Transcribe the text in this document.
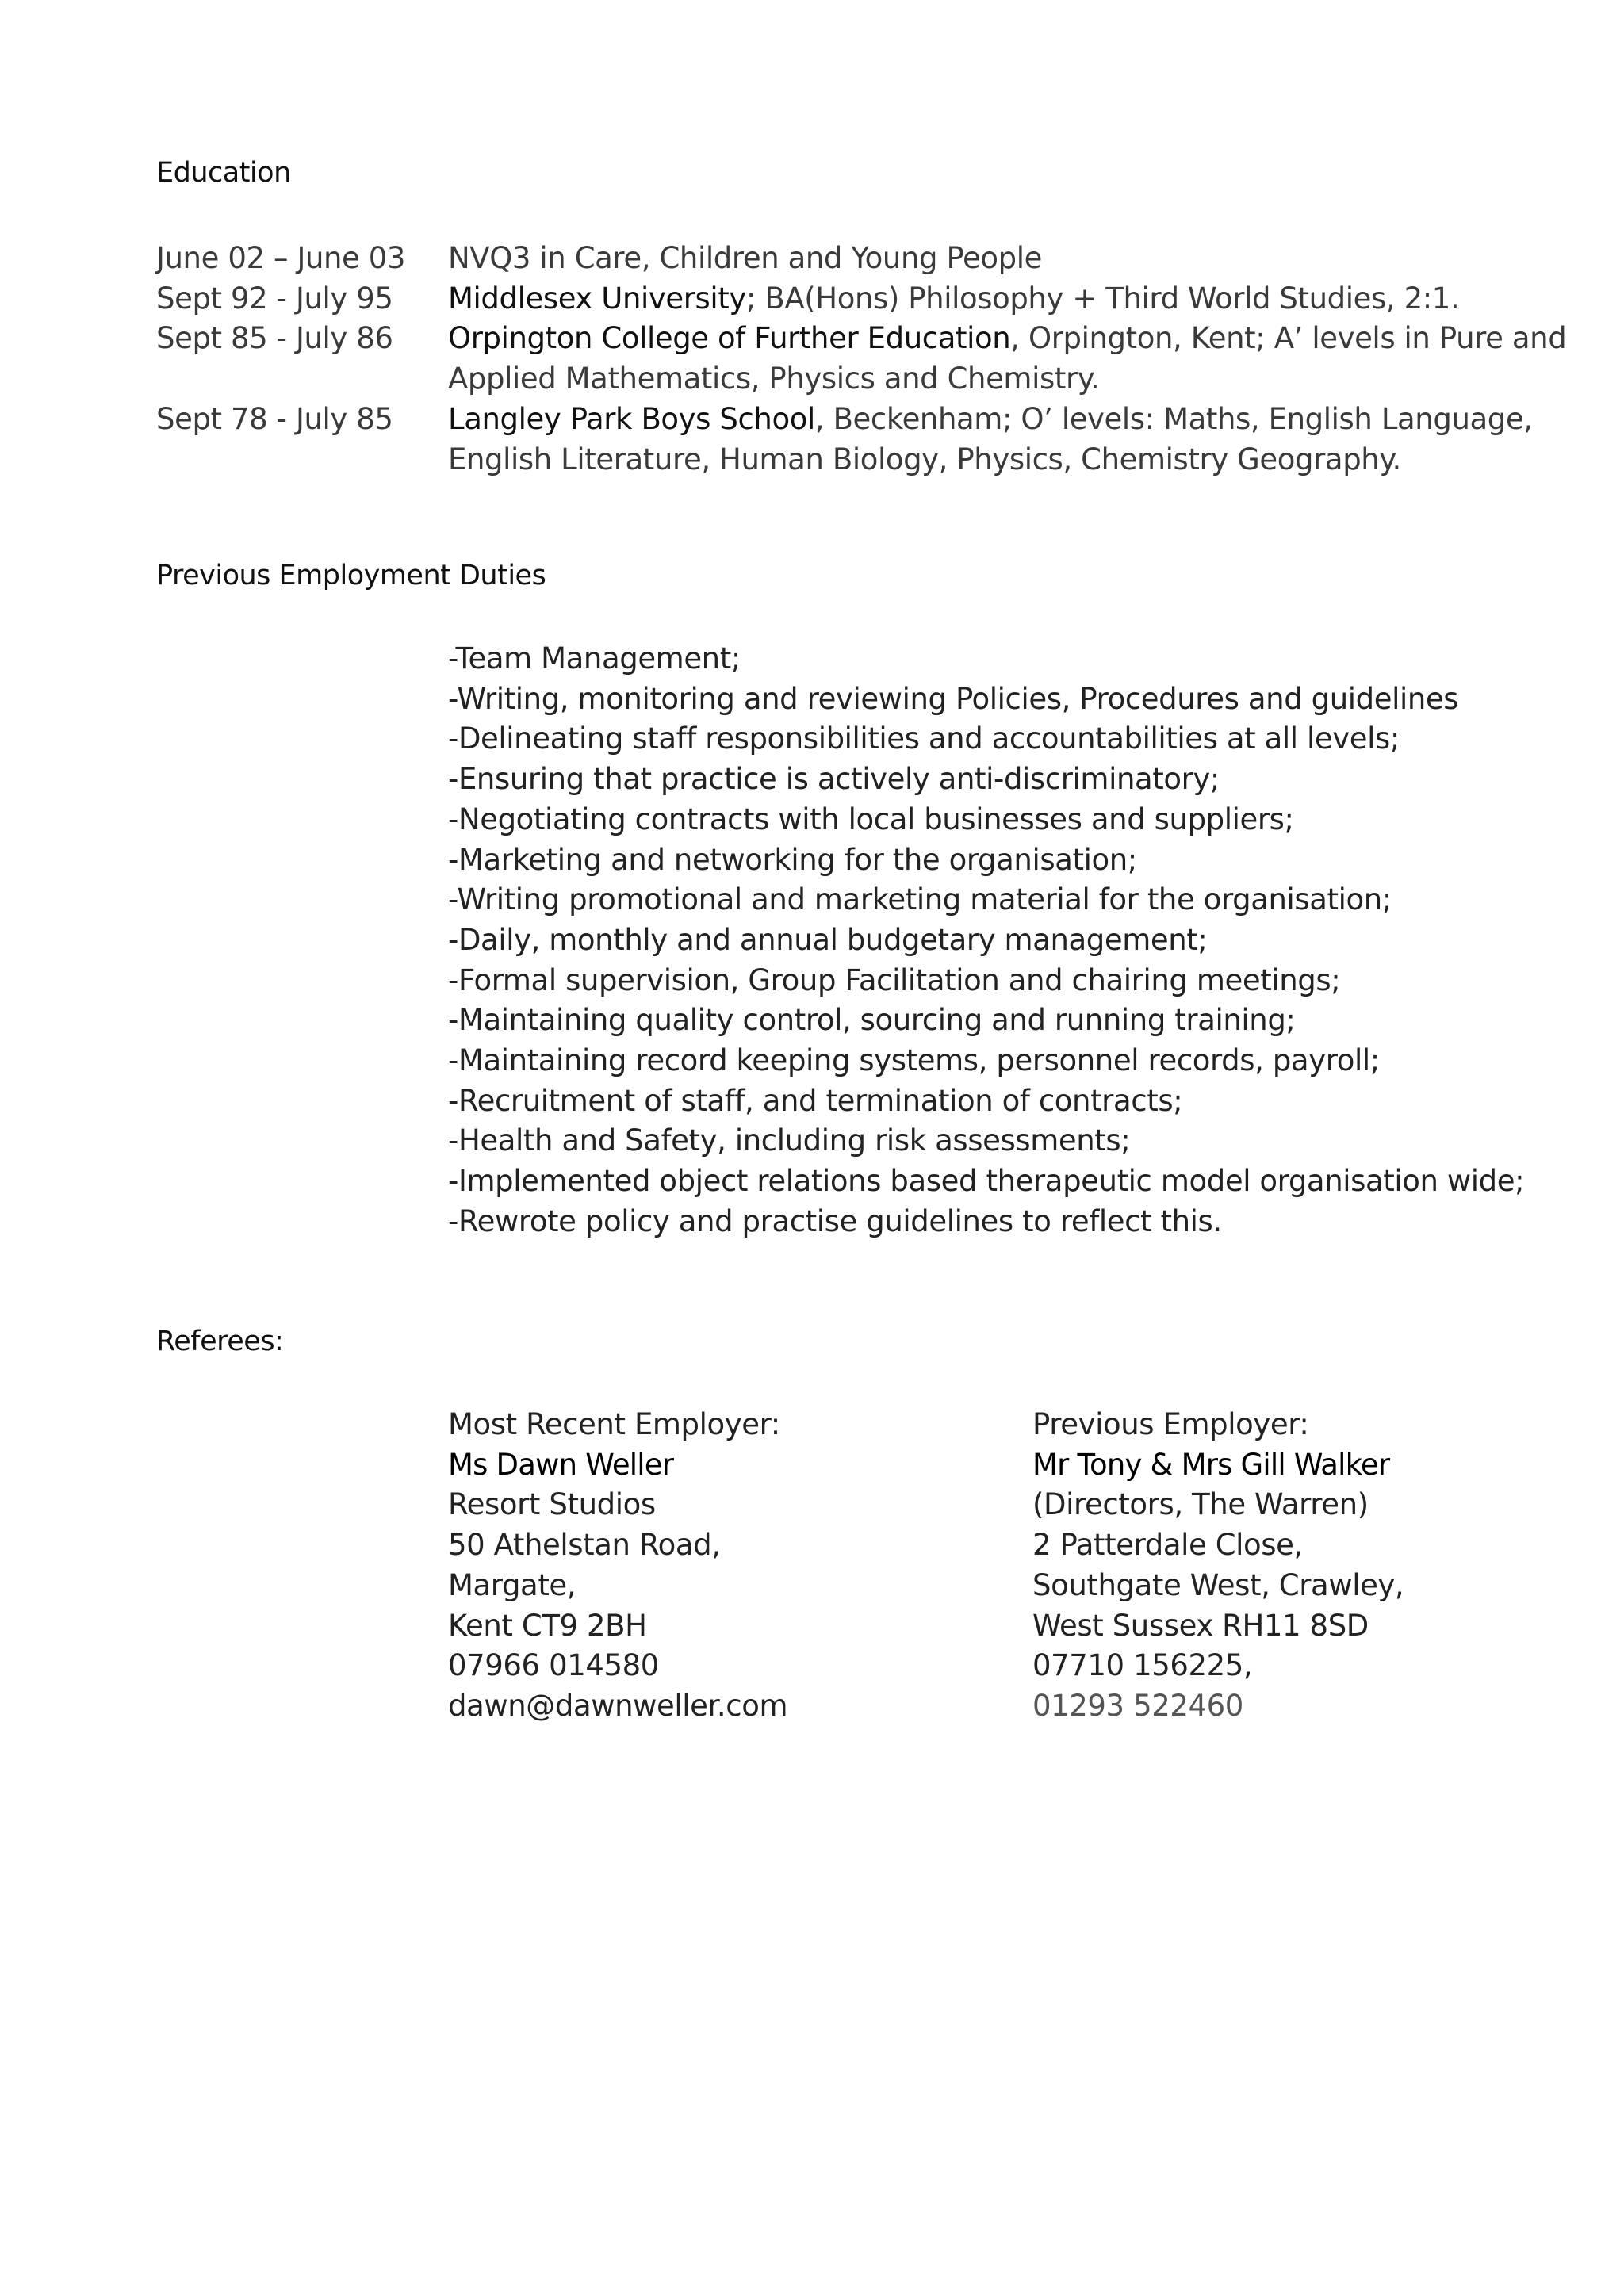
Education
June 02 – June 03	NVQ3 in Care, Children and Young People
Sept 92 - July 95	Middlesex University; BA(Hons) Philosophy + Third World Studies, 2:1.
Sept 85 - July 86	Orpington College of Further Education, Orpington, Kent; A’ levels in Pure and Applied Mathematics, Physics and Chemistry.
Sept 78 - July 85	Langley Park Boys School, Beckenham; O’ levels: Maths, English Language, English Literature, Human Biology, Physics, Chemistry Geography.
Previous Employment Duties
-Team Management;
-Writing, monitoring and reviewing Policies, Procedures and guidelines
-Delineating staff responsibilities and accountabilities at all levels;
-Ensuring that practice is actively anti-discriminatory;
-Negotiating contracts with local businesses and suppliers;
-Marketing and networking for the organisation;
-Writing promotional and marketing material for the organisation;
-Daily, monthly and annual budgetary management;
-Formal supervision, Group Facilitation and chairing meetings;
-Maintaining quality control, sourcing and running training;
-Maintaining record keeping systems, personnel records, payroll;
-Recruitment of staff, and termination of contracts;
-Health and Safety, including risk assessments;
-Implemented object relations based therapeutic model organisation wide;
-Rewrote policy and practise guidelines to reflect this.
Referees:
Most Recent Employer:
Ms Dawn Weller
Resort Studios
50 Athelstan Road,
Margate,
Kent CT9 2BH
07966 014580
dawn@dawnweller.com
Previous Employer:
Mr Tony & Mrs Gill Walker
(Directors, The Warren)
2 Patterdale Close,
Southgate West, Crawley,
West Sussex RH11 8SD
07710 156225,
01293 522460
